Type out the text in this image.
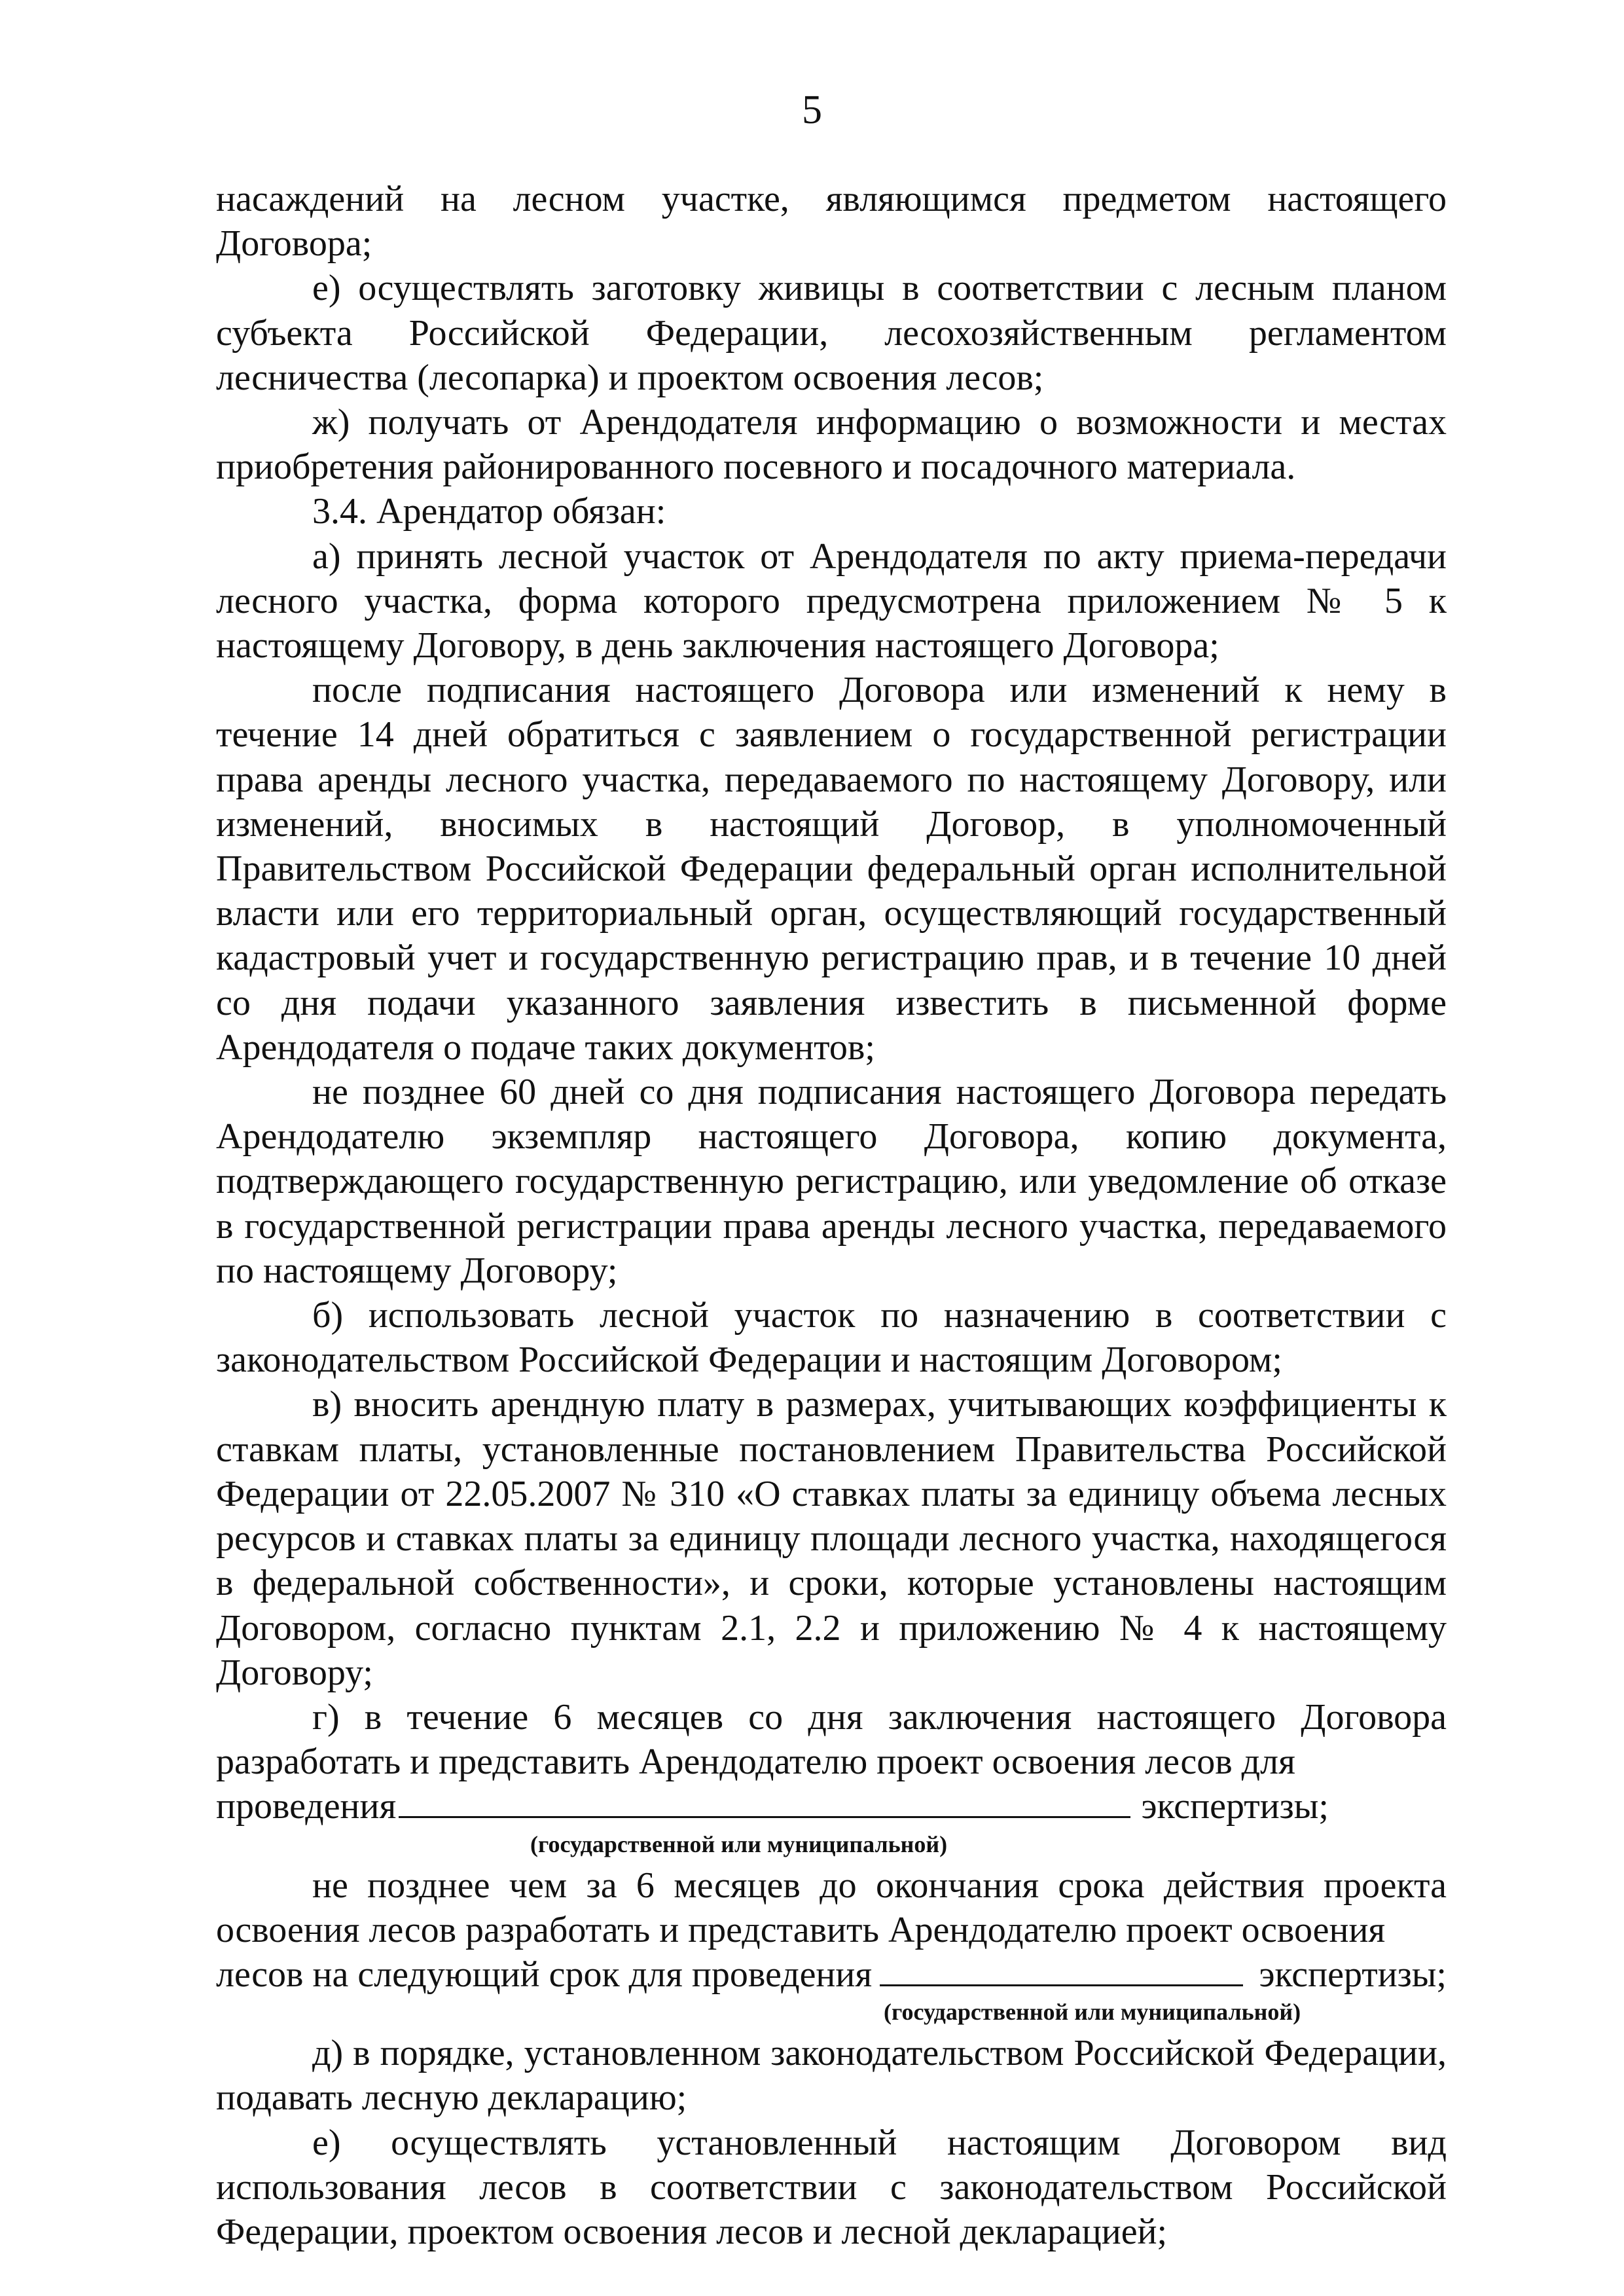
5

насаждений на лесном участке, являющимся предметом настоящего Договора;

е) осуществлять заготовку живицы в соответствии с лесным планом субъекта Российской Федерации, лесохозяйственным регламентом лесничества (лесопарка) и проектом освоения лесов;

ж) получать от Арендодателя информацию о возможности и местах приобретения районированного посевного и посадочного материала.

3.4. Арендатор обязан:

а) принять лесной участок от Арендодателя по акту приема-передачи лесного участка, форма которого предусмотрена приложением № 5 к настоящему Договору, в день заключения настоящего Договора;

после подписания настоящего Договора или изменений к нему в течение 14 дней обратиться с заявлением о государственной регистрации права аренды лесного участка, передаваемого по настоящему Договору, или изменений, вносимых в настоящий Договор, в уполномоченный Правительством Российской Федерации федеральный орган исполнительной власти или его территориальный орган, осуществляющий государственный кадастровый учет и государственную регистрацию прав, и в течение 10 дней со дня подачи указанного заявления известить в письменной форме Арендодателя о подаче таких документов;

не позднее 60 дней со дня подписания настоящего Договора передать Арендодателю экземпляр настоящего Договора, копию документа, подтверждающего государственную регистрацию, или уведомление об отказе в государственной регистрации права аренды лесного участка, передаваемого по настоящему Договору;

б) использовать лесной участок по назначению в соответствии с законодательством Российской Федерации и настоящим Договором;

в) вносить арендную плату в размерах, учитывающих коэффициенты к ставкам платы, установленные постановлением Правительства Российской Федерации от 22.05.2007 № 310 «О ставках платы за единицу объема лесных ресурсов и ставках платы за единицу площади лесного участка, находящегося в федеральной собственности», и сроки, которые установлены настоящим Договором, согласно пунктам 2.1, 2.2 и приложению № 4 к настоящему Договору;

г) в течение 6 месяцев со дня заключения настоящего Договора разработать и представить Арендодателю проект освоения лесов для

проведения	экспертизы;
(государственной или муниципальной)

не позднее чем за 6 месяцев до окончания срока действия проекта освоения лесов разработать и представить Арендодателю проект освоения

лесов на следующий срок для проведения	экспертизы;
(государственной или муниципальной)

д) в порядке, установленном законодательством Российской Федерации, подавать лесную декларацию;

е) осуществлять установленный настоящим Договором вид использования лесов в соответствии с законодательством Российской Федерации, проектом освоения лесов и лесной декларацией;
